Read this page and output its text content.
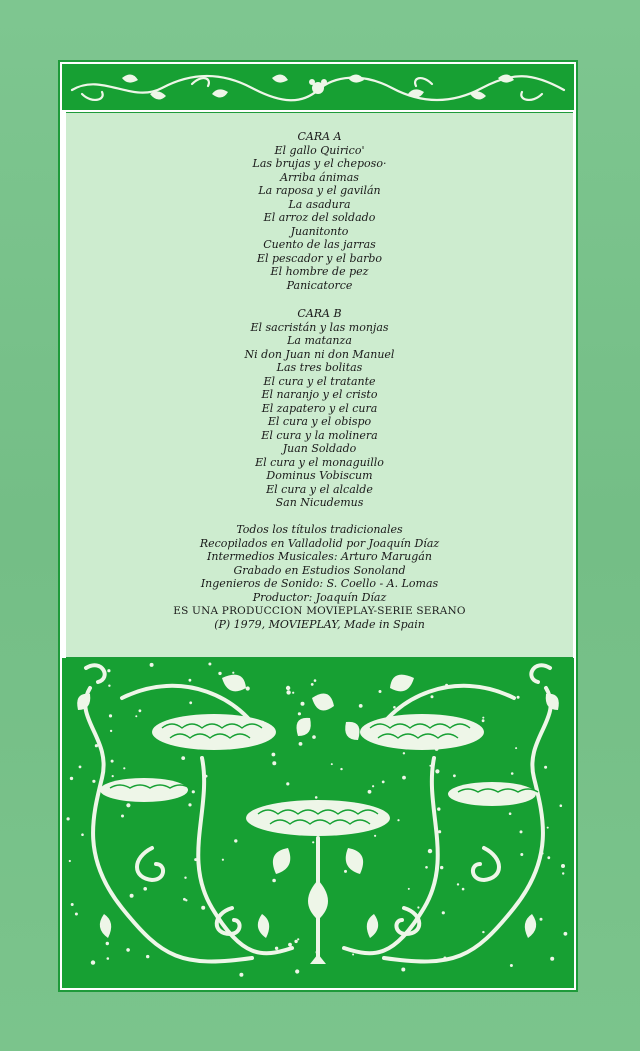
CARA A

El gallo Quirico'
Las brujas y el cheposo·
Arriba ánimas
La raposa y el gavilán
La asadura
El arroz del soldado
Juanitonto
Cuento de las jarras
El pescador y el barbo
El hombre de pez
Panicatorce

CARA B

El sacristán y las monjas
La matanza
Ni don Juan ni don Manuel
Las tres bolitas
El cura y el tratante
El naranjo y el cristo
El zapatero y el cura
El cura y el obispo
El cura y la molinera
Juan Soldado
El cura y el monaguillo
Dominus Vobiscum
El cura y el alcalde
San Nicudemus
Todos los títulos tradicionales
Recopilados en Valladolid por Joaquín Díaz
Intermedios Musicales: Arturo Marugán
Grabado en Estudios Sonoland
Ingenieros de Sonido: S. Coello - A. Lomas
Productor: Joaquín Díaz
ES UNA PRODUCCION MOVIEPLAY-SERIE SERANO
(P) 1979, MOVIEPLAY, Made in Spain
